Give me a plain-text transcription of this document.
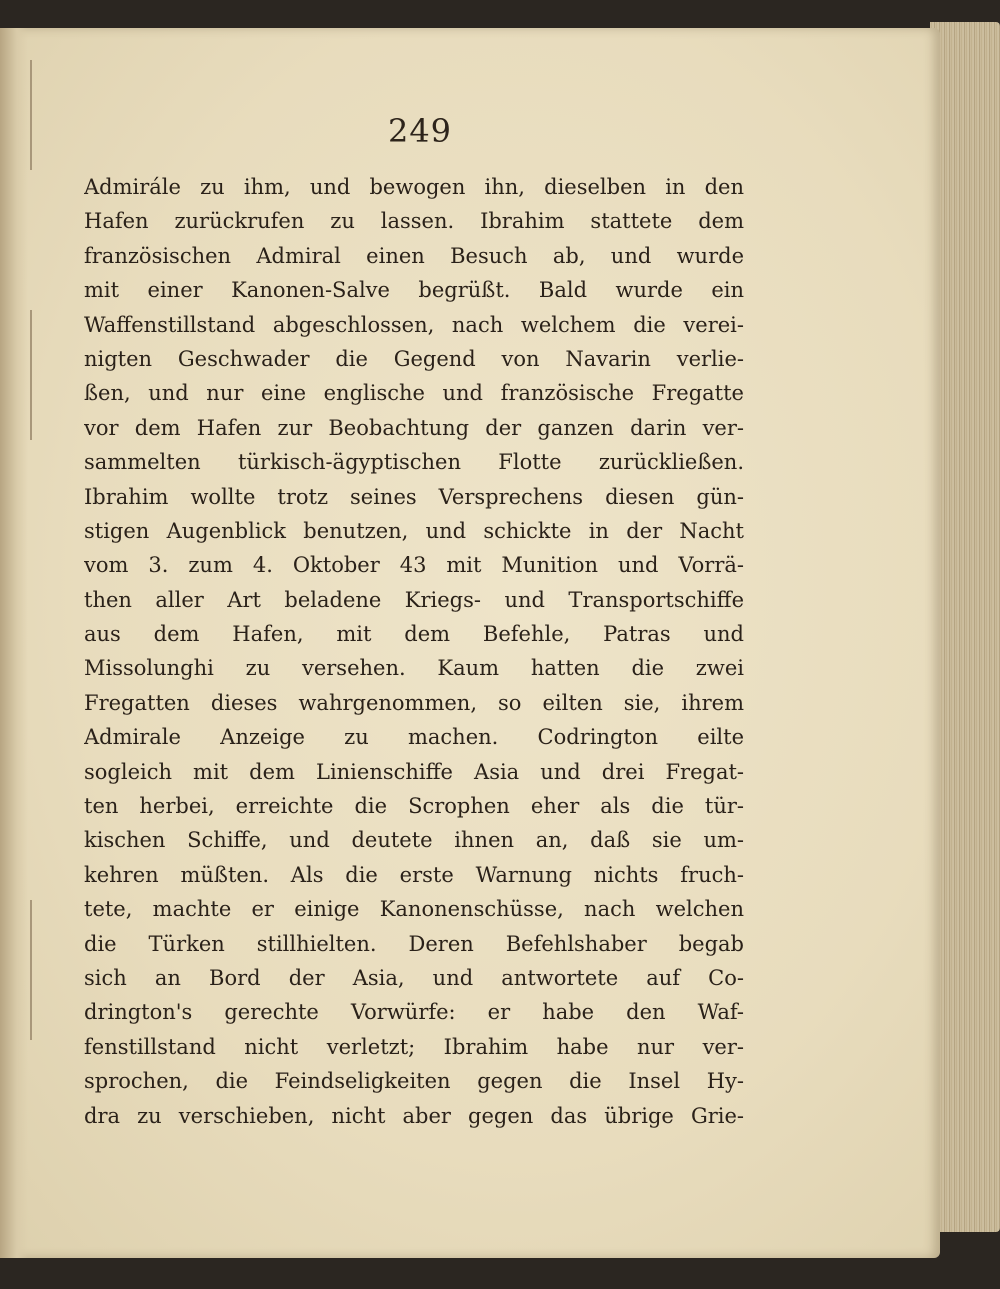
249
Admirále zu ihm, und bewogen ihn, dieselben in den
Hafen zurückrufen zu lassen. Ibrahim stattete dem
französischen Admiral einen Besuch ab, und wurde
mit einer Kanonen-Salve begrüßt. Bald wurde ein
Waffenstillstand abgeschlossen, nach welchem die verei-
nigten Geschwader die Gegend von Navarin verlie-
ßen, und nur eine englische und französische Fregatte
vor dem Hafen zur Beobachtung der ganzen darin ver-
sammelten türkisch-ägyptischen Flotte zurückließen.
Ibrahim wollte trotz seines Versprechens diesen gün-
stigen Augenblick benutzen, und schickte in der Nacht
vom 3. zum 4. Oktober 43 mit Munition und Vorrä-
then aller Art beladene Kriegs- und Transportschiffe
aus dem Hafen, mit dem Befehle, Patras und
Missolunghi zu versehen. Kaum hatten die zwei
Fregatten dieses wahrgenommen, so eilten sie, ihrem
Admirale Anzeige zu machen. Codrington eilte
sogleich mit dem Linienschiffe Asia und drei Fregat-
ten herbei, erreichte die Scrophen eher als die tür-
kischen Schiffe, und deutete ihnen an, daß sie um-
kehren müßten. Als die erste Warnung nichts fruch-
tete, machte er einige Kanonenschüsse, nach welchen
die Türken stillhielten. Deren Befehlshaber begab
sich an Bord der Asia, und antwortete auf Co-
drington's gerechte Vorwürfe: er habe den Waf-
fenstillstand nicht verletzt; Ibrahim habe nur ver-
sprochen, die Feindseligkeiten gegen die Insel Hy-
dra zu verschieben, nicht aber gegen das übrige Grie-
